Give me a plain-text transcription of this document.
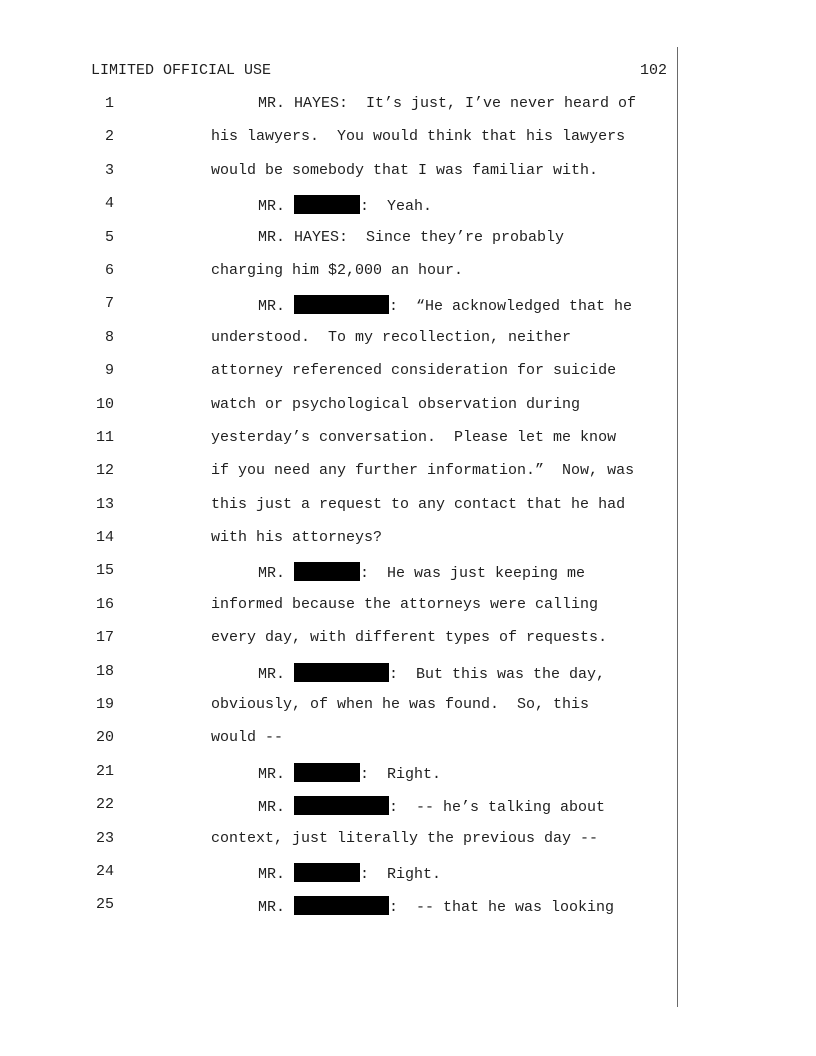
LIMITED OFFICIAL USE	102
1	MR. HAYES:  It’s just, I’ve never heard of
2	his lawyers.  You would think that his lawyers
3	would be somebody that I was familiar with.
4	MR.	:  Yeah.
5	MR. HAYES:  Since they’re probably
6	charging him $2,000 an hour.
7	MR.	:  “He acknowledged that he
8	understood.  To my recollection, neither
9	attorney referenced consideration for suicide
10	watch or psychological observation during
11	yesterday’s conversation.  Please let me know
12	if you need any further information.”  Now, was
13	this just a request to any contact that he had
14	with his attorneys?
15	MR.	:  He was just keeping me
16	informed because the attorneys were calling
17	every day, with different types of requests.
18	MR.	:  But this was the day,
19	obviously, of when he was found.  So, this
20	would --
21	MR.	:  Right.
22	MR.	:  -- he’s talking about
23	context, just literally the previous day --
24	MR.	:  Right.
25	MR.	:  -- that he was looking
